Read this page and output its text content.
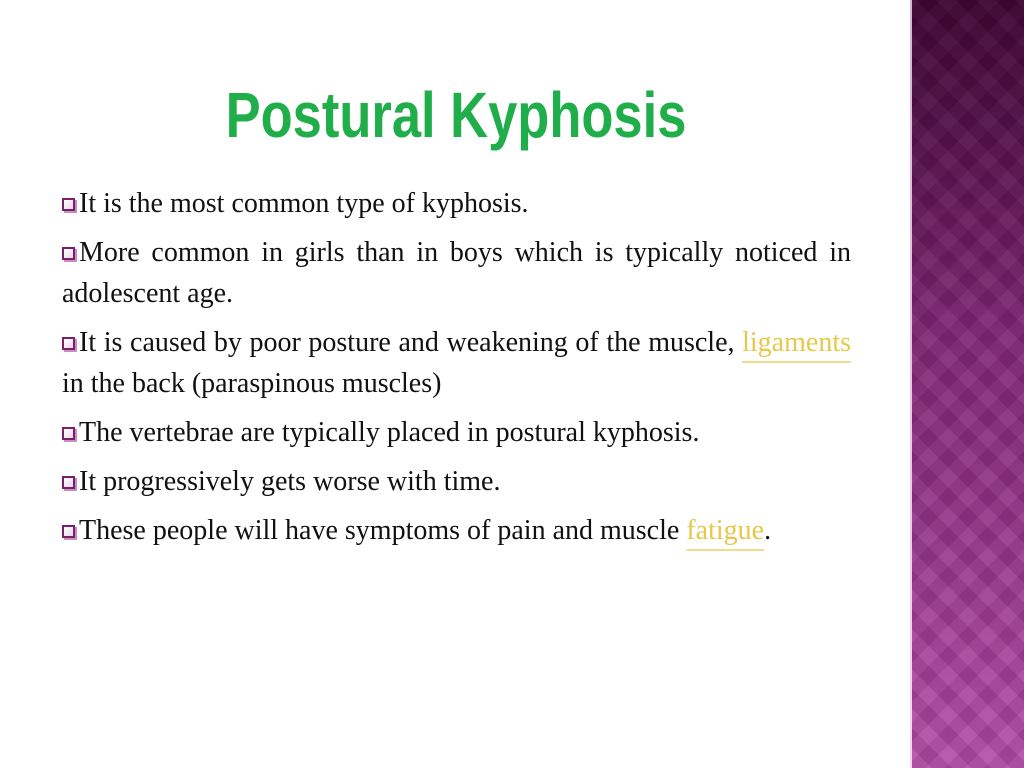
Postural Kyphosis

It is the most common type of kyphosis.

More common in girls than in boys which is typically noticed in adolescent age.

It is caused by poor posture and weakening of the muscle, ligaments in the back (paraspinous muscles)

The vertebrae are typically placed in postural kyphosis.

It progressively gets worse with time.

These people will have symptoms of pain and muscle fatigue.
